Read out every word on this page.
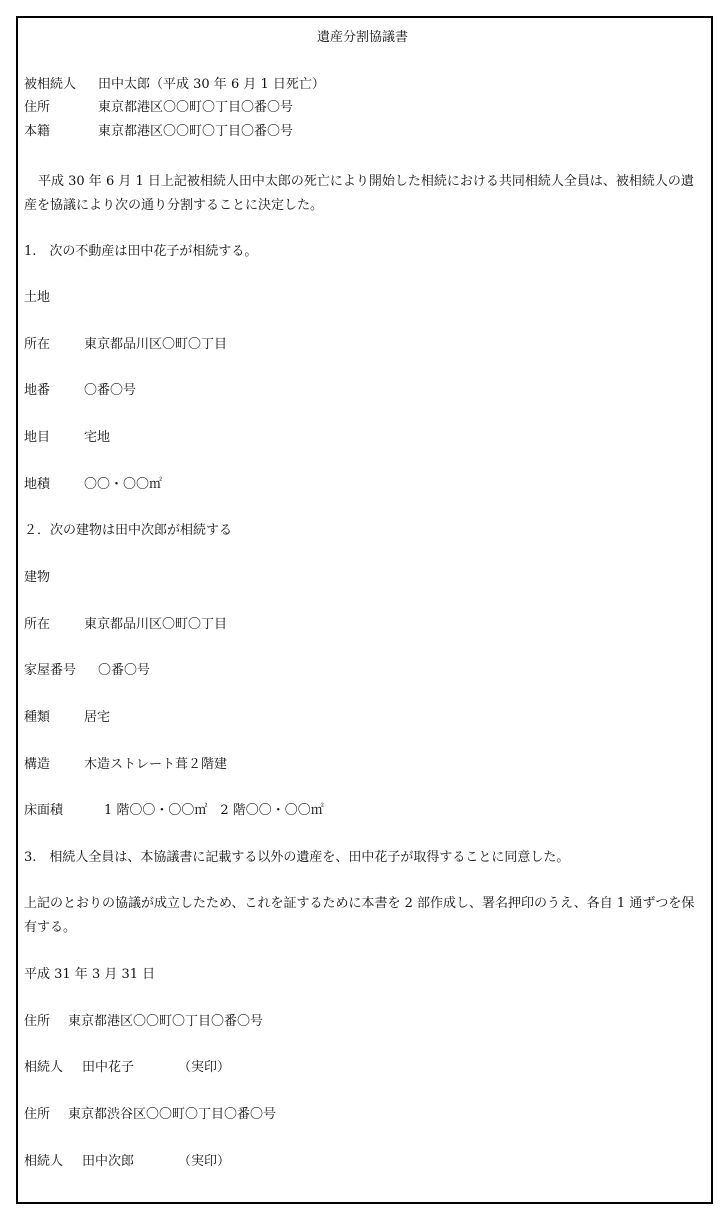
遺産分割協議書
被相続人 田中太郎（平成 30 年 6 月 1 日死亡）
住所	東京都港区〇〇町〇丁目〇番〇号
本籍	東京都港区〇〇町〇丁目〇番〇号
平成 30 年 6 月 1 日上記被相続人田中太郎の死亡により開始した相続における共同相続人全員は、被相続人の遺産を協議により次の通り分割することに決定した。
1.　次の不動産は田中花子が相続する。
土地
所在	東京都品川区〇町〇丁目
地番	〇番〇号
地目	宅地
地積	〇〇・〇〇㎡
２．次の建物は田中次郎が相続する
建物
所在	東京都品川区〇町〇丁目
家屋番号 〇番〇号
種類	居宅
構造	木造ストレート葺２階建
床面積	1 階〇〇・〇〇㎡　2 階〇〇・〇〇㎡
3.　相続人全員は、本協議書に記載する以外の遺産を、田中花子が取得することに同意した。
上記のとおりの協議が成立したため、これを証するために本書を 2 部作成し、署名押印のうえ、各自 1 通ずつを保有する。
平成 31 年 3 月 31 日
住所 東京都港区〇〇町〇丁目〇番〇号
相続人 田中花子	（実印）
住所 東京都渋谷区〇〇町〇丁目〇番〇号
相続人 田中次郎	（実印）
